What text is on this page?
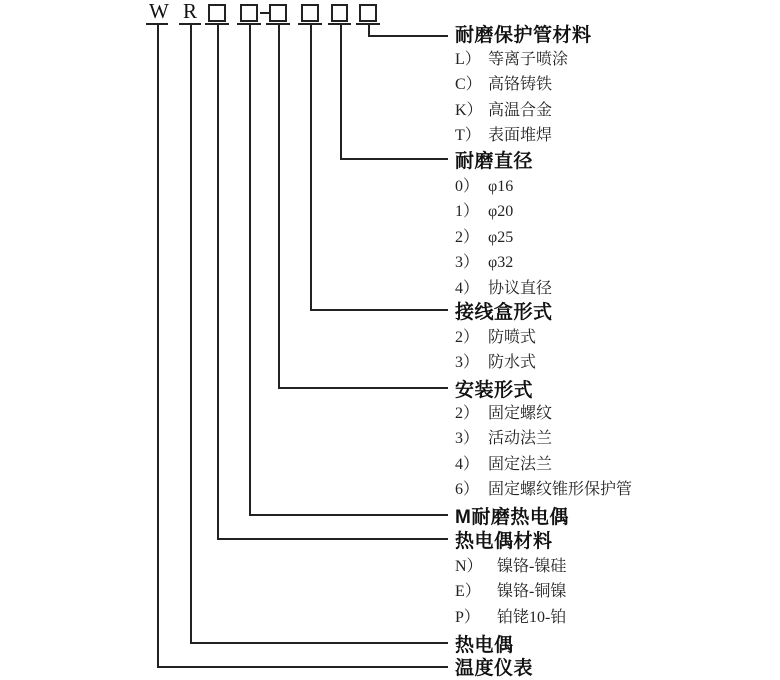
W R
耐磨保护管材料
L） 等离子喷涂
C） 高铬铸铁
K） 高温合金
T） 表面堆焊
耐磨直径
0） φ16
1） φ20
2） φ25
3） φ32
4） 协议直径
接线盒形式
2） 防喷式
3） 防水式
安装形式
2） 固定螺纹
3） 活动法兰
4） 固定法兰
6） 固定螺纹锥形保护管
M耐磨热电偶
热电偶材料
N） 镍铬-镍硅
E） 镍铬-铜镍
P） 铂铑10-铂
热电偶
温度仪表
